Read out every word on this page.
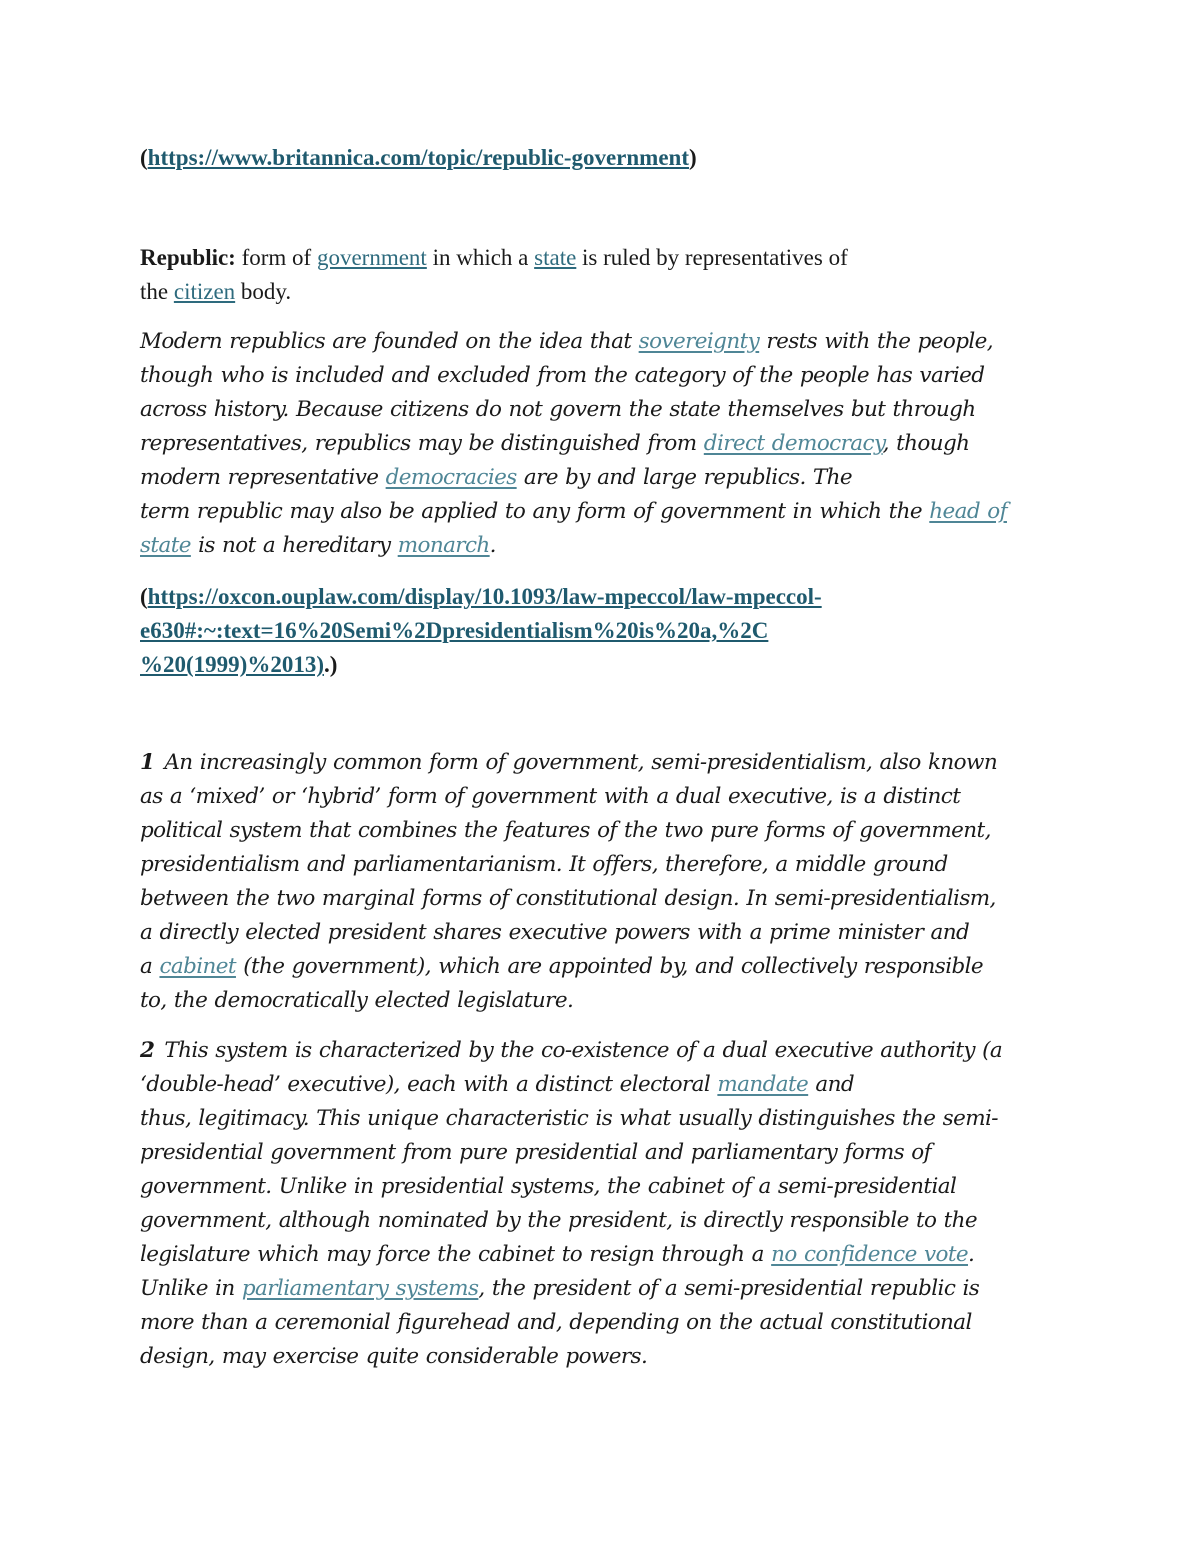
(https://www.britannica.com/topic/republic-government)
Republic: form of government in which a state is ruled by representatives of
the citizen body.
Modern republics are founded on the idea that sovereignty rests with the people,
though who is included and excluded from the category of the people has varied
across history. Because citizens do not govern the state themselves but through
representatives, republics may be distinguished from direct democracy, though
modern representative democracies are by and large republics. The
term republic may also be applied to any form of government in which the head of
state is not a hereditary monarch.
(https://oxcon.ouplaw.com/display/10.1093/law-mpeccol/law-mpeccol-
e630#:~:text=16%20Semi%2Dpresidentialism%20is%20a,%2C
%20(1999)%2013).)
1 An increasingly common form of government, semi-presidentialism, also known
as a ‘mixed’ or ‘hybrid’ form of government with a dual executive, is a distinct
political system that combines the features of the two pure forms of government,
presidentialism and parliamentarianism. It offers, therefore, a middle ground
between the two marginal forms of constitutional design. In semi-presidentialism,
a directly elected president shares executive powers with a prime minister and
a cabinet (the government), which are appointed by, and collectively responsible
to, the democratically elected legislature.
2 This system is characterized by the co-existence of a dual executive authority (a
‘double-head’ executive), each with a distinct electoral mandate and
thus, legitimacy. This unique characteristic is what usually distinguishes the semi-
presidential government from pure presidential and parliamentary forms of
government. Unlike in presidential systems, the cabinet of a semi-presidential
government, although nominated by the president, is directly responsible to the
legislature which may force the cabinet to resign through a no confidence vote.
Unlike in parliamentary systems, the president of a semi-presidential republic is
more than a ceremonial figurehead and, depending on the actual constitutional
design, may exercise quite considerable powers.
